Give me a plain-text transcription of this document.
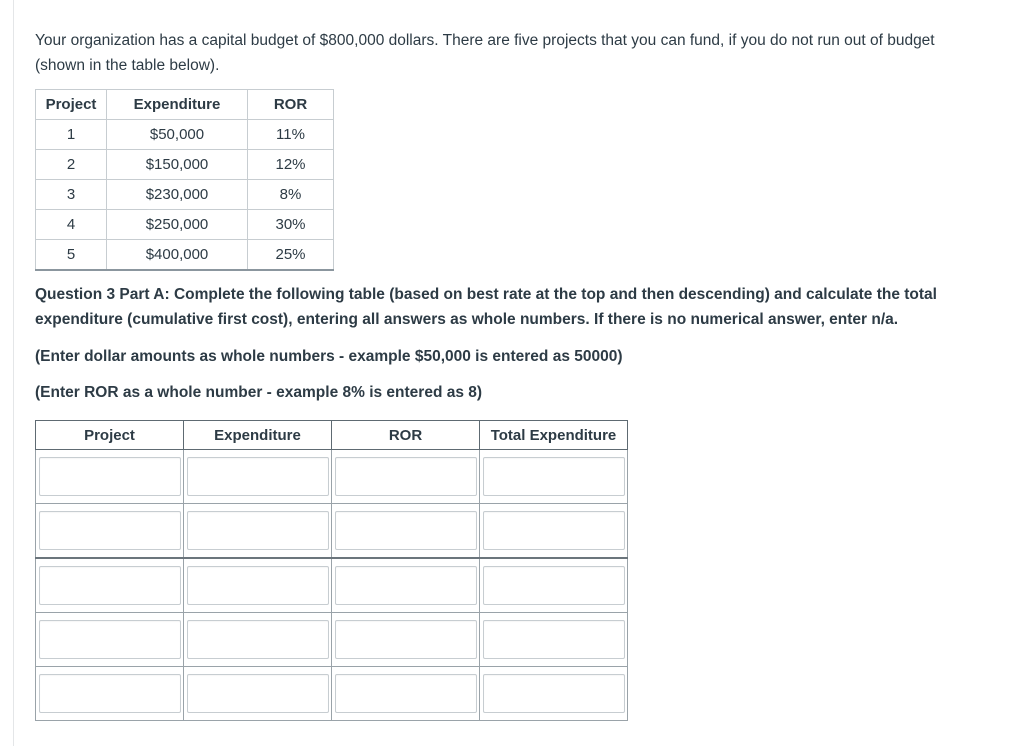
Your organization has a capital budget of $800,000 dollars. There are five projects that you can fund, if you do not run out of budget
(shown in the table below).

Project	Expenditure	ROR
1	$50,000	11%
2	$150,000	12%
3	$230,000	8%
4	$250,000	30%
5	$400,000	25%

Question 3 Part A: Complete the following table (based on best rate at the top and then descending) and calculate the total
expenditure (cumulative first cost), entering all answers as whole numbers. If there is no numerical answer, enter n/a.

(Enter dollar amounts as whole numbers - example $50,000 is entered as 50000)

(Enter ROR as a whole number - example 8% is entered as 8)

Project	Expenditure	ROR	Total Expenditure
